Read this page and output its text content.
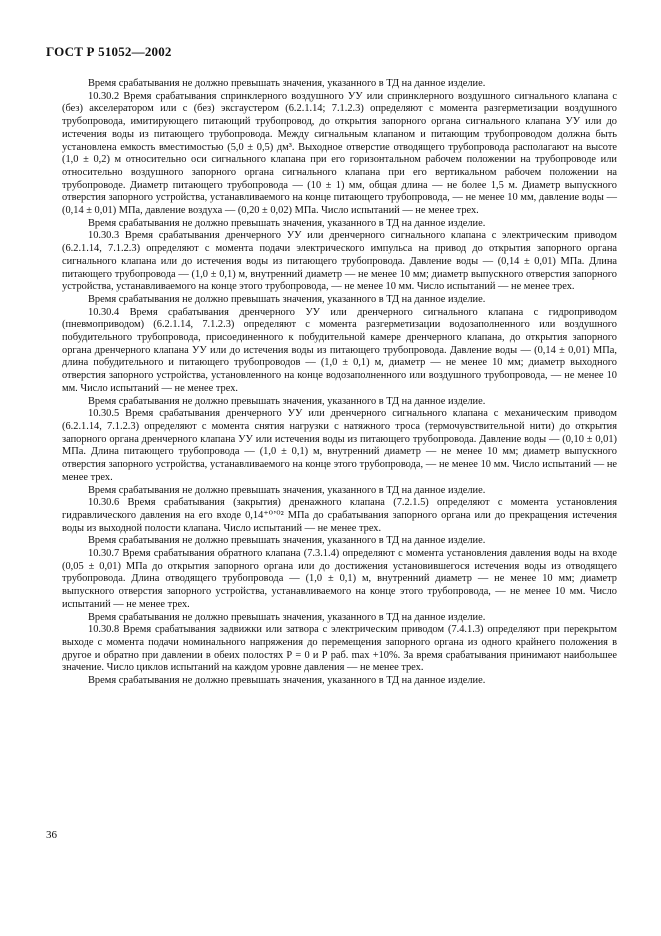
ГОСТ Р 51052—2002

Время срабатывания не должно превышать значения, указанного в ТД на данное изделие.

10.30.2 Время срабатывания спринклерного воздушного УУ или спринклерного воздушного сигнального клапана с (без) акселератором или с (без) эксгаустером (6.2.1.14; 7.1.2.3) определяют с момента разгерметизации воздушного трубопровода, имитирующего питающий трубопровод, до открытия запорного органа сигнального клапана УУ или до истечения воды из питающего трубопровода. Между сигнальным клапаном и питающим трубопроводом должна быть установлена емкость вместимостью (5,0 ± 0,5) дм³. Выходное отверстие отводящего трубопровода располагают на высоте (1,0 ± 0,2) м относительно оси сигнального клапана при его горизонтальном рабочем положении на трубопроводе или относительно воздушного запорного органа сигнального клапана при его вертикальном рабочем положении на трубопроводе. Диаметр питающего трубопровода — (10 ± 1) мм, общая длина — не более 1,5 м. Диаметр выпускного отверстия запорного устройства, устанавливаемого на конце питающего трубопровода, — не менее 10 мм, давление воды — (0,14 ± 0,01) МПа, давление воздуха — (0,20 ± 0,02) МПа. Число испытаний — не менее трех.

Время срабатывания не должно превышать значения, указанного в ТД на данное изделие.

10.30.3 Время срабатывания дренчерного УУ или дренчерного сигнального клапана с электрическим приводом (6.2.1.14, 7.1.2.3) определяют с момента подачи электрического импульса на привод до открытия запорного органа сигнального клапана или до истечения воды из питающего трубопровода. Давление воды — (0,14 ± 0,01) МПа. Длина питающего трубопровода — (1,0 ± 0,1) м, внутренний диаметр — не менее 10 мм; диаметр выпускного отверстия запорного устройства, устанавливаемого на конце этого трубопровода, — не менее 10 мм. Число испытаний — не менее трех.

Время срабатывания не должно превышать значения, указанного в ТД на данное изделие.

10.30.4 Время срабатывания дренчерного УУ или дренчерного сигнального клапана с гидроприводом (пневмоприводом) (6.2.1.14, 7.1.2.3) определяют с момента разгерметизации водозаполненного или воздушного побудительного трубопровода, присоединенного к побудительной камере дренчерного клапана, до открытия запорного органа дренчерного клапана УУ или до истечения воды из питающего трубопровода. Давление воды — (0,14 ± 0,01) МПа, длина побудительного и питающего трубопроводов — (1,0 ± 0,1) м, диаметр — не менее 10 мм; диаметр выходного отверстия запорного устройства, установленного на конце водозаполненного или воздушного трубопровода, — не менее 10 мм. Число испытаний — не менее трех.

Время срабатывания не должно превышать значения, указанного в ТД на данное изделие.

10.30.5 Время срабатывания дренчерного УУ или дренчерного сигнального клапана с механическим приводом (6.2.1.14, 7.1.2.3) определяют с момента снятия нагрузки с натяжного троса (термочувствительной нити) до открытия запорного органа дренчерного клапана УУ или истечения воды из питающего трубопровода. Давление воды — (0,10 ± 0,01) МПа. Длина питающего трубопровода — (1,0 ± 0,1) м, внутренний диаметр — не менее 10 мм; диаметр выпускного отверстия запорного устройства, устанавливаемого на конце этого трубопровода, — не менее 10 мм. Число испытаний — не менее трех.

Время срабатывания не должно превышать значения, указанного в ТД на данное изделие.

10.30.6 Время срабатывания (закрытия) дренажного клапана (7.2.1.5) определяют с момента установления гидравлического давления на его входе 0,14⁺⁰’⁰² МПа до срабатывания запорного органа или до прекращения истечения воды из выходной полости клапана. Число испытаний — не менее трех.

Время срабатывания не должно превышать значения, указанного в ТД на данное изделие.

10.30.7 Время срабатывания обратного клапана (7.3.1.4) определяют с момента установления давления воды на входе (0,05 ± 0,01) МПа до открытия запорного органа или до достижения установившегося истечения воды из отводящего трубопровода. Длина отводящего трубопровода — (1,0 ± 0,1) м, внутренний диаметр — не менее 10 мм; диаметр выпускного отверстия запорного устройства, устанавливаемого на конце этого трубопровода, — не менее 10 мм. Число испытаний — не менее трех.

Время срабатывания не должно превышать значения, указанного в ТД на данное изделие.

10.30.8 Время срабатывания задвижки или затвора с электрическим приводом (7.4.1.3) определяют при перекрытом выходе с момента подачи номинального напряжения до перемещения запорного органа из одного крайнего положения в другое и обратно при давлении в обеих полостях Р = 0 и Р раб. max +10%. За время срабатывания принимают наибольшее значение. Число циклов испытаний на каждом уровне давления — не менее трех.

Время срабатывания не должно превышать значения, указанного в ТД на данное изделие.

36
